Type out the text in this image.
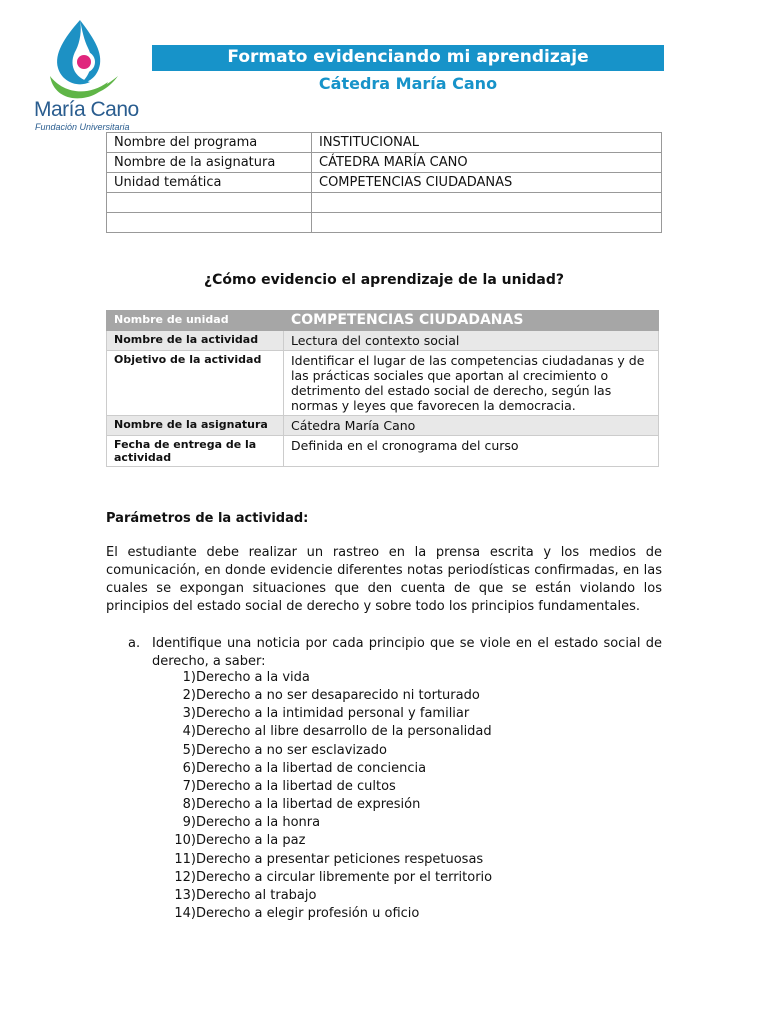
María Cano
Fundación Universitaria
Formato evidenciando mi aprendizaje
Cátedra María Cano
Nombre del programa	INSTITUCIONAL
Nombre de la asignatura	CÁTEDRA MARÍA CANO
Unidad temática	COMPETENCIAS CIUDADANAS

¿Cómo evidencio el aprendizaje de la unidad?
Nombre de unidad	COMPETENCIAS CIUDADANAS
Nombre de la actividad	Lectura del contexto social
Objetivo de la actividad	Identificar el lugar de las competencias ciudadanas y de las prácticas sociales que aportan al crecimiento o detrimento del estado social de derecho, según las normas y leyes que favorecen la democracia.
Nombre de la asignatura	Cátedra María Cano
Fecha de entrega de la actividad	Definida en el cronograma del curso
Parámetros de la actividad:
El estudiante debe realizar un rastreo en la prensa escrita y los medios de comunicación, en donde evidencie diferentes notas periodísticas confirmadas, en las cuales se expongan situaciones que den cuenta de que se están violando los principios del estado social de derecho y sobre todo los principios fundamentales.
a. Identifique una noticia por cada principio que se viole en el estado social de derecho, a saber:
1) Derecho a la vida
2) Derecho a no ser desaparecido ni torturado
3) Derecho a la intimidad personal y familiar
4) Derecho al libre desarrollo de la personalidad
5) Derecho a no ser esclavizado
6) Derecho a la libertad de conciencia
7) Derecho a la libertad de cultos
8) Derecho a la libertad de expresión
9) Derecho a la honra
10) Derecho a la paz
11) Derecho a presentar peticiones respetuosas
12) Derecho a circular libremente por el territorio
13) Derecho al trabajo
14) Derecho a elegir profesión u oficio
